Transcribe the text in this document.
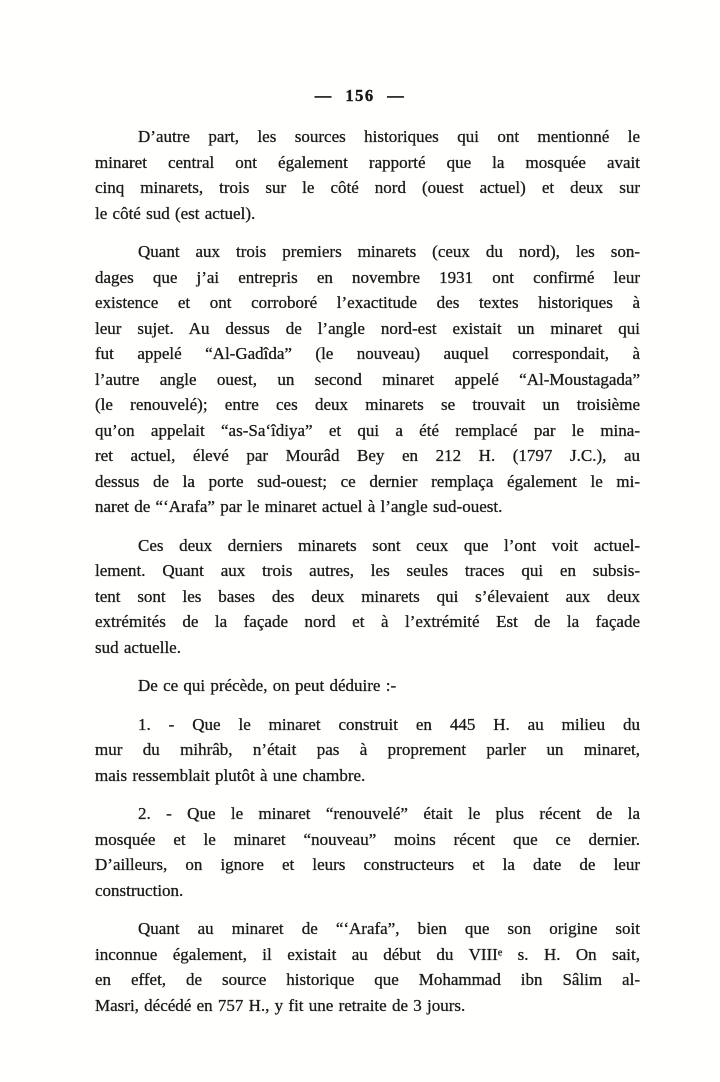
— 156 —
D’autre part, les sources historiques qui ont mentionné le
minaret central ont également rapporté que la mosquée avait
cinq minarets, trois sur le côté nord (ouest actuel) et deux sur
le côté sud (est actuel).
Quant aux trois premiers minarets (ceux du nord), les son-
dages que j’ai entrepris en novembre 1931 ont confirmé leur
existence et ont corroboré l’exactitude des textes historiques à
leur sujet. Au dessus de l’angle nord-est existait un minaret qui
fut appelé “Al-Gadîda” (le nouveau) auquel correspondait, à
l’autre angle ouest, un second minaret appelé “Al-Moustagada”
(le renouvelé); entre ces deux minarets se trouvait un troisième
qu’on appelait “as-Sa‘îdiya” et qui a été remplacé par le mina-
ret actuel, élevé par Mourâd Bey en 212 H. (1797 J.C.), au
dessus de la porte sud-ouest; ce dernier remplaça également le mi-
naret de “‘Arafa” par le minaret actuel à l’angle sud-ouest.
Ces deux derniers minarets sont ceux que l’ont voit actuel-
lement. Quant aux trois autres, les seules traces qui en subsis-
tent sont les bases des deux minarets qui s’élevaient aux deux
extrémités de la façade nord et à l’extrémité Est de la façade
sud actuelle.
De ce qui précède, on peut déduire :-
1. - Que le minaret construit en 445 H. au milieu du
mur du mihrâb, n’était pas à proprement parler un minaret,
mais ressemblait plutôt à une chambre.
2. - Que le minaret “renouvelé” était le plus récent de la
mosquée et le minaret “nouveau” moins récent que ce dernier.
D’ailleurs, on ignore et leurs constructeurs et la date de leur
construction.
Quant au minaret de “‘Arafa”, bien que son origine soit
inconnue également, il existait au début du VIIIᵉ s. H. On sait,
en effet, de source historique que Mohammad ibn Sâlim al-
Masri, décédé en 757 H., y fit une retraite de 3 jours.
